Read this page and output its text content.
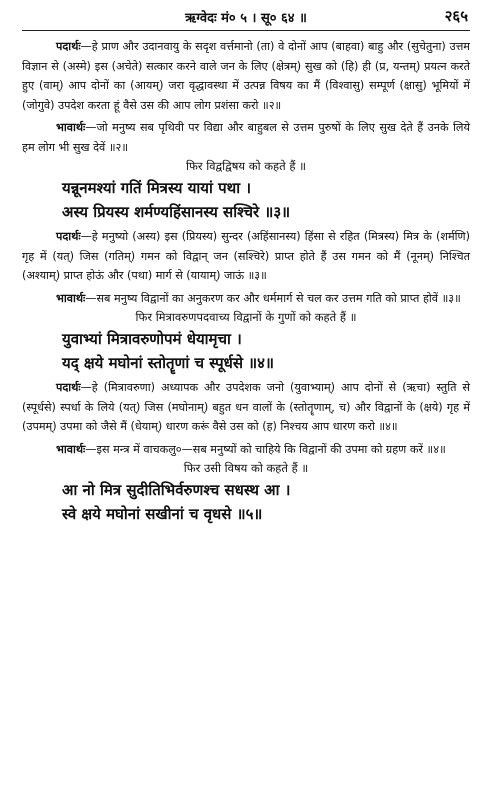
ऋग्वेदः मं० ५ । सू० ६४ ॥	२६५

पदार्थः—हे प्राण और उदानवायु के सदृश वर्त्तमानो (ता) वे दोनों आप (बाहवा) बाहु और (सुचेतुना) उत्तम विज्ञान से (अस्मे) इस (अचेते) सत्कार करने वाले जन के लिए (क्षेत्रम्) सुख को (हि) ही (प्र, यन्तम्) प्रयत्न करते हुए (वाम्) आप दोनों का (आयम्) जरा वृद्धावस्था में उत्पन्न विषय का मैं (विश्वासु) सम्पूर्ण (क्षासु) भूमियों में (जोगुवे) उपदेश करता हूं वैसे उस की आप लोग प्रशंसा करो ॥२॥

भावार्थः—जो मनुष्य सब पृथिवी पर विद्या और बाहुबल से उत्तम पुरुषों के लिए सुख देते हैं उनके लिये हम लोग भी सुख देवें ॥२॥

फिर विद्वद्विषय को कहते हैं ॥
यन्नूनमश्यां गतिं मित्रस्य यायां पथा ।
अस्य प्रियस्य शर्मण्यहिंसानस्य सश्चिरे ॥३॥

पदार्थः—हे मनुष्यो (अस्य) इस (प्रियस्य) सुन्दर (अहिंसानस्य) हिंसा से रहित (मित्रस्य) मित्र के (शर्मणि) गृह में (यत्) जिस (गतिम्) गमन को विद्वान् जन (सश्चिरे) प्राप्त होते हैं उस गमन को मैं (नूनम्) निश्चित (अश्याम्) प्राप्त होऊं और (पथा) मार्ग से (यायाम्) जाऊं ॥३॥

भावार्थः—सब मनुष्य विद्वानों का अनुकरण कर और धर्ममार्ग से चल कर उत्तम गति को प्राप्त होवें ॥३॥

फिर मित्रावरुणपदवाच्य विद्वानों के गुणों को कहते हैं ॥
युवाभ्यां मित्रावरुणोपमं धेयामृचा ।
यद् क्षये मघोनां स्तोतॄणां च स्पूर्धसे ॥४॥

पदार्थः—हे (मित्रावरुणा) अध्यापक और उपदेशक जनो (युवाभ्याम्) आप दोनों से (ऋचा) स्तुति से (स्पूर्धसे) स्पर्धा के लिये (यत्) जिस (मघोनाम्) बहुत धन वालों के (स्तोतॄणाम्, च) और विद्वानों के (क्षये) गृह में (उपमम्) उपमा को जैसे मैं (धेयाम्) धारण करूं वैसे उस को (ह) निश्चय आप धारण करो ॥४॥

भावार्थः—इस मन्त्र में वाचकलु०—सब मनुष्यों को चाहिये कि विद्वानों की उपमा को ग्रहण करें ॥४॥

फिर उसी विषय को कहते हैं ॥
आ नो मित्र सुदीतिभिर्वरुणश्च सधस्थ आ ।
स्वे क्षये मघोनां सखीनां च वृधसे ॥५॥
